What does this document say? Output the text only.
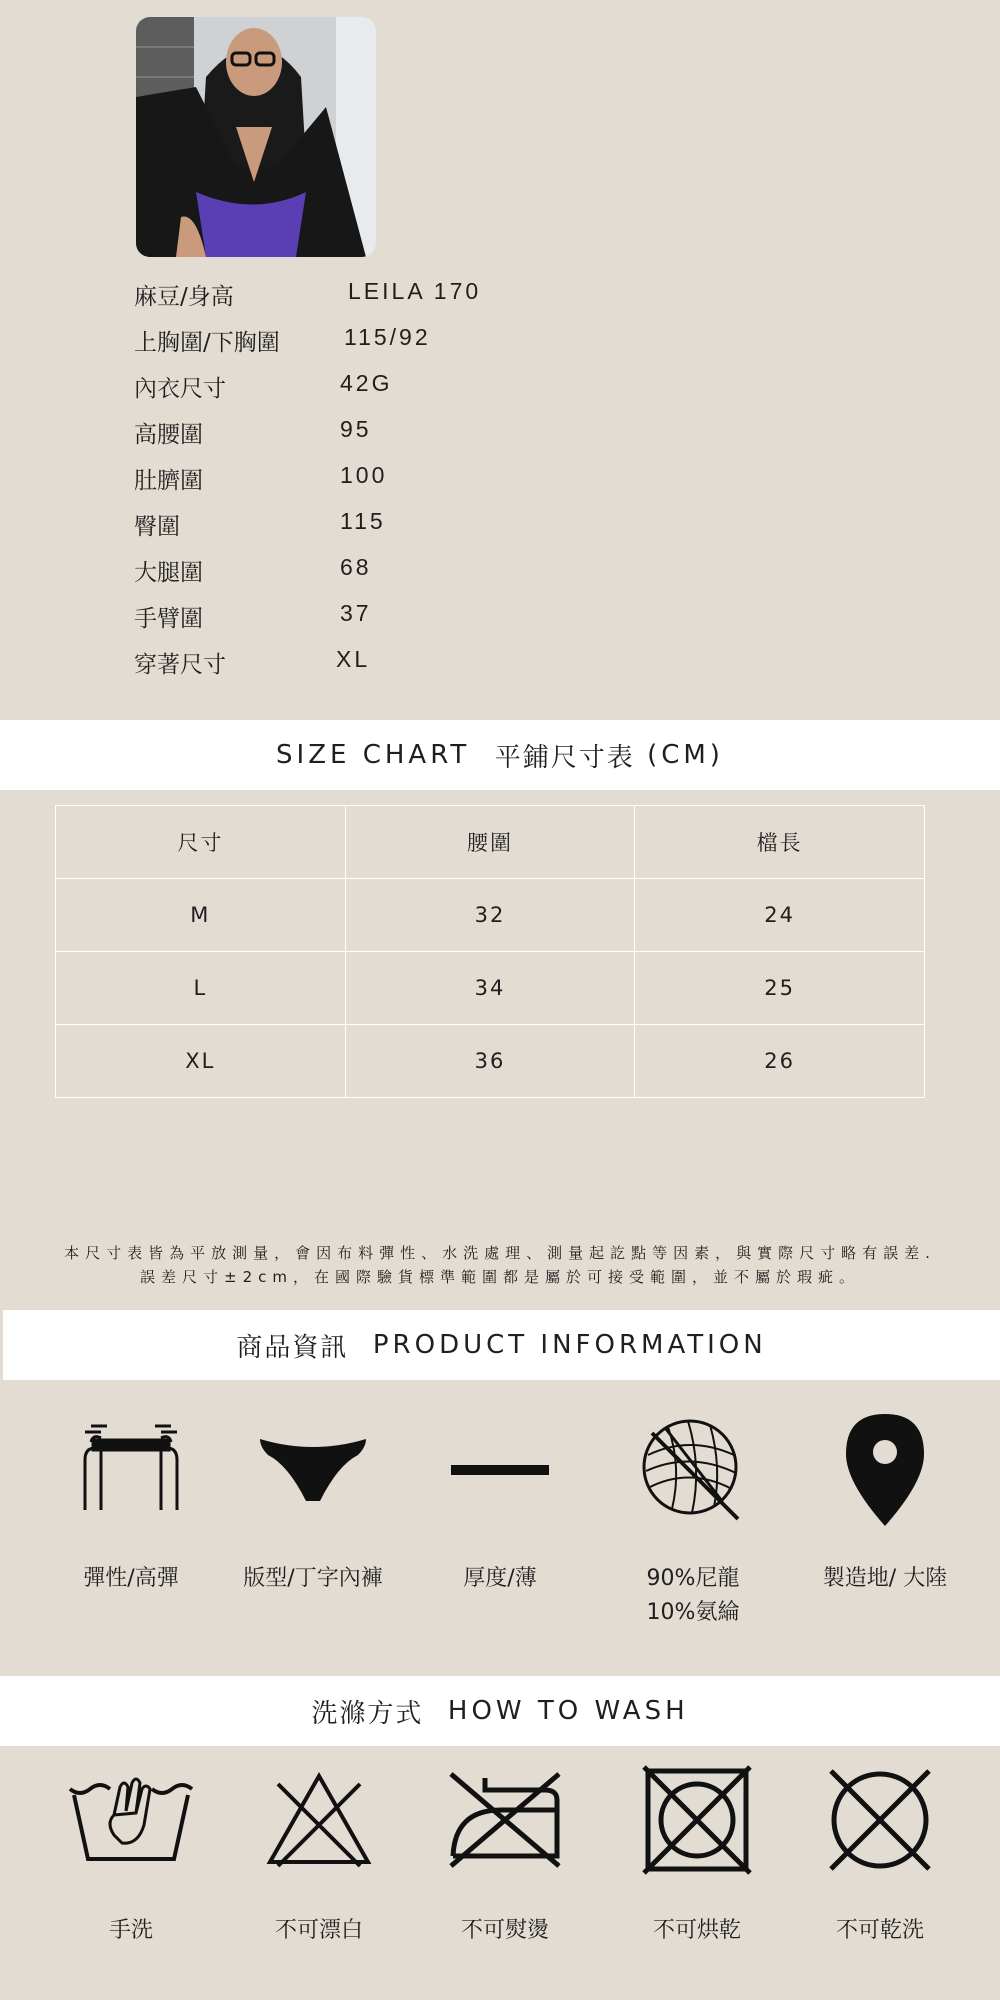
麻豆/身高	LEILA 170
上胸圍/下胸圍	115/92
內衣尺寸	42G
高腰圍	95
肚臍圍	100
臀圍	115
大腿圍	68
手臂圍	37
穿著尺寸	XL
SIZE CHART
平鋪尺寸表
(CM)
尺寸	腰圍	檔長
M	32	24
L	34	25
XL	36	26
本尺寸表皆為平放測量，會因布料彈性、水洗處理、測量起訖點等因素，與實際尺寸略有誤差.
誤差尺寸±2cm，在國際驗貨標準範圍都是屬於可接受範圍，並不屬於瑕疵。
商品資訊
PRODUCT INFORMATION
彈性/高彈	版型/丁字內褲	厚度/薄	90%尼龍
10%氨綸
製造地/ 大陸
洗滌方式
HOW TO WASH
手洗	不可漂白	不可熨燙	不可烘乾	不可乾洗
